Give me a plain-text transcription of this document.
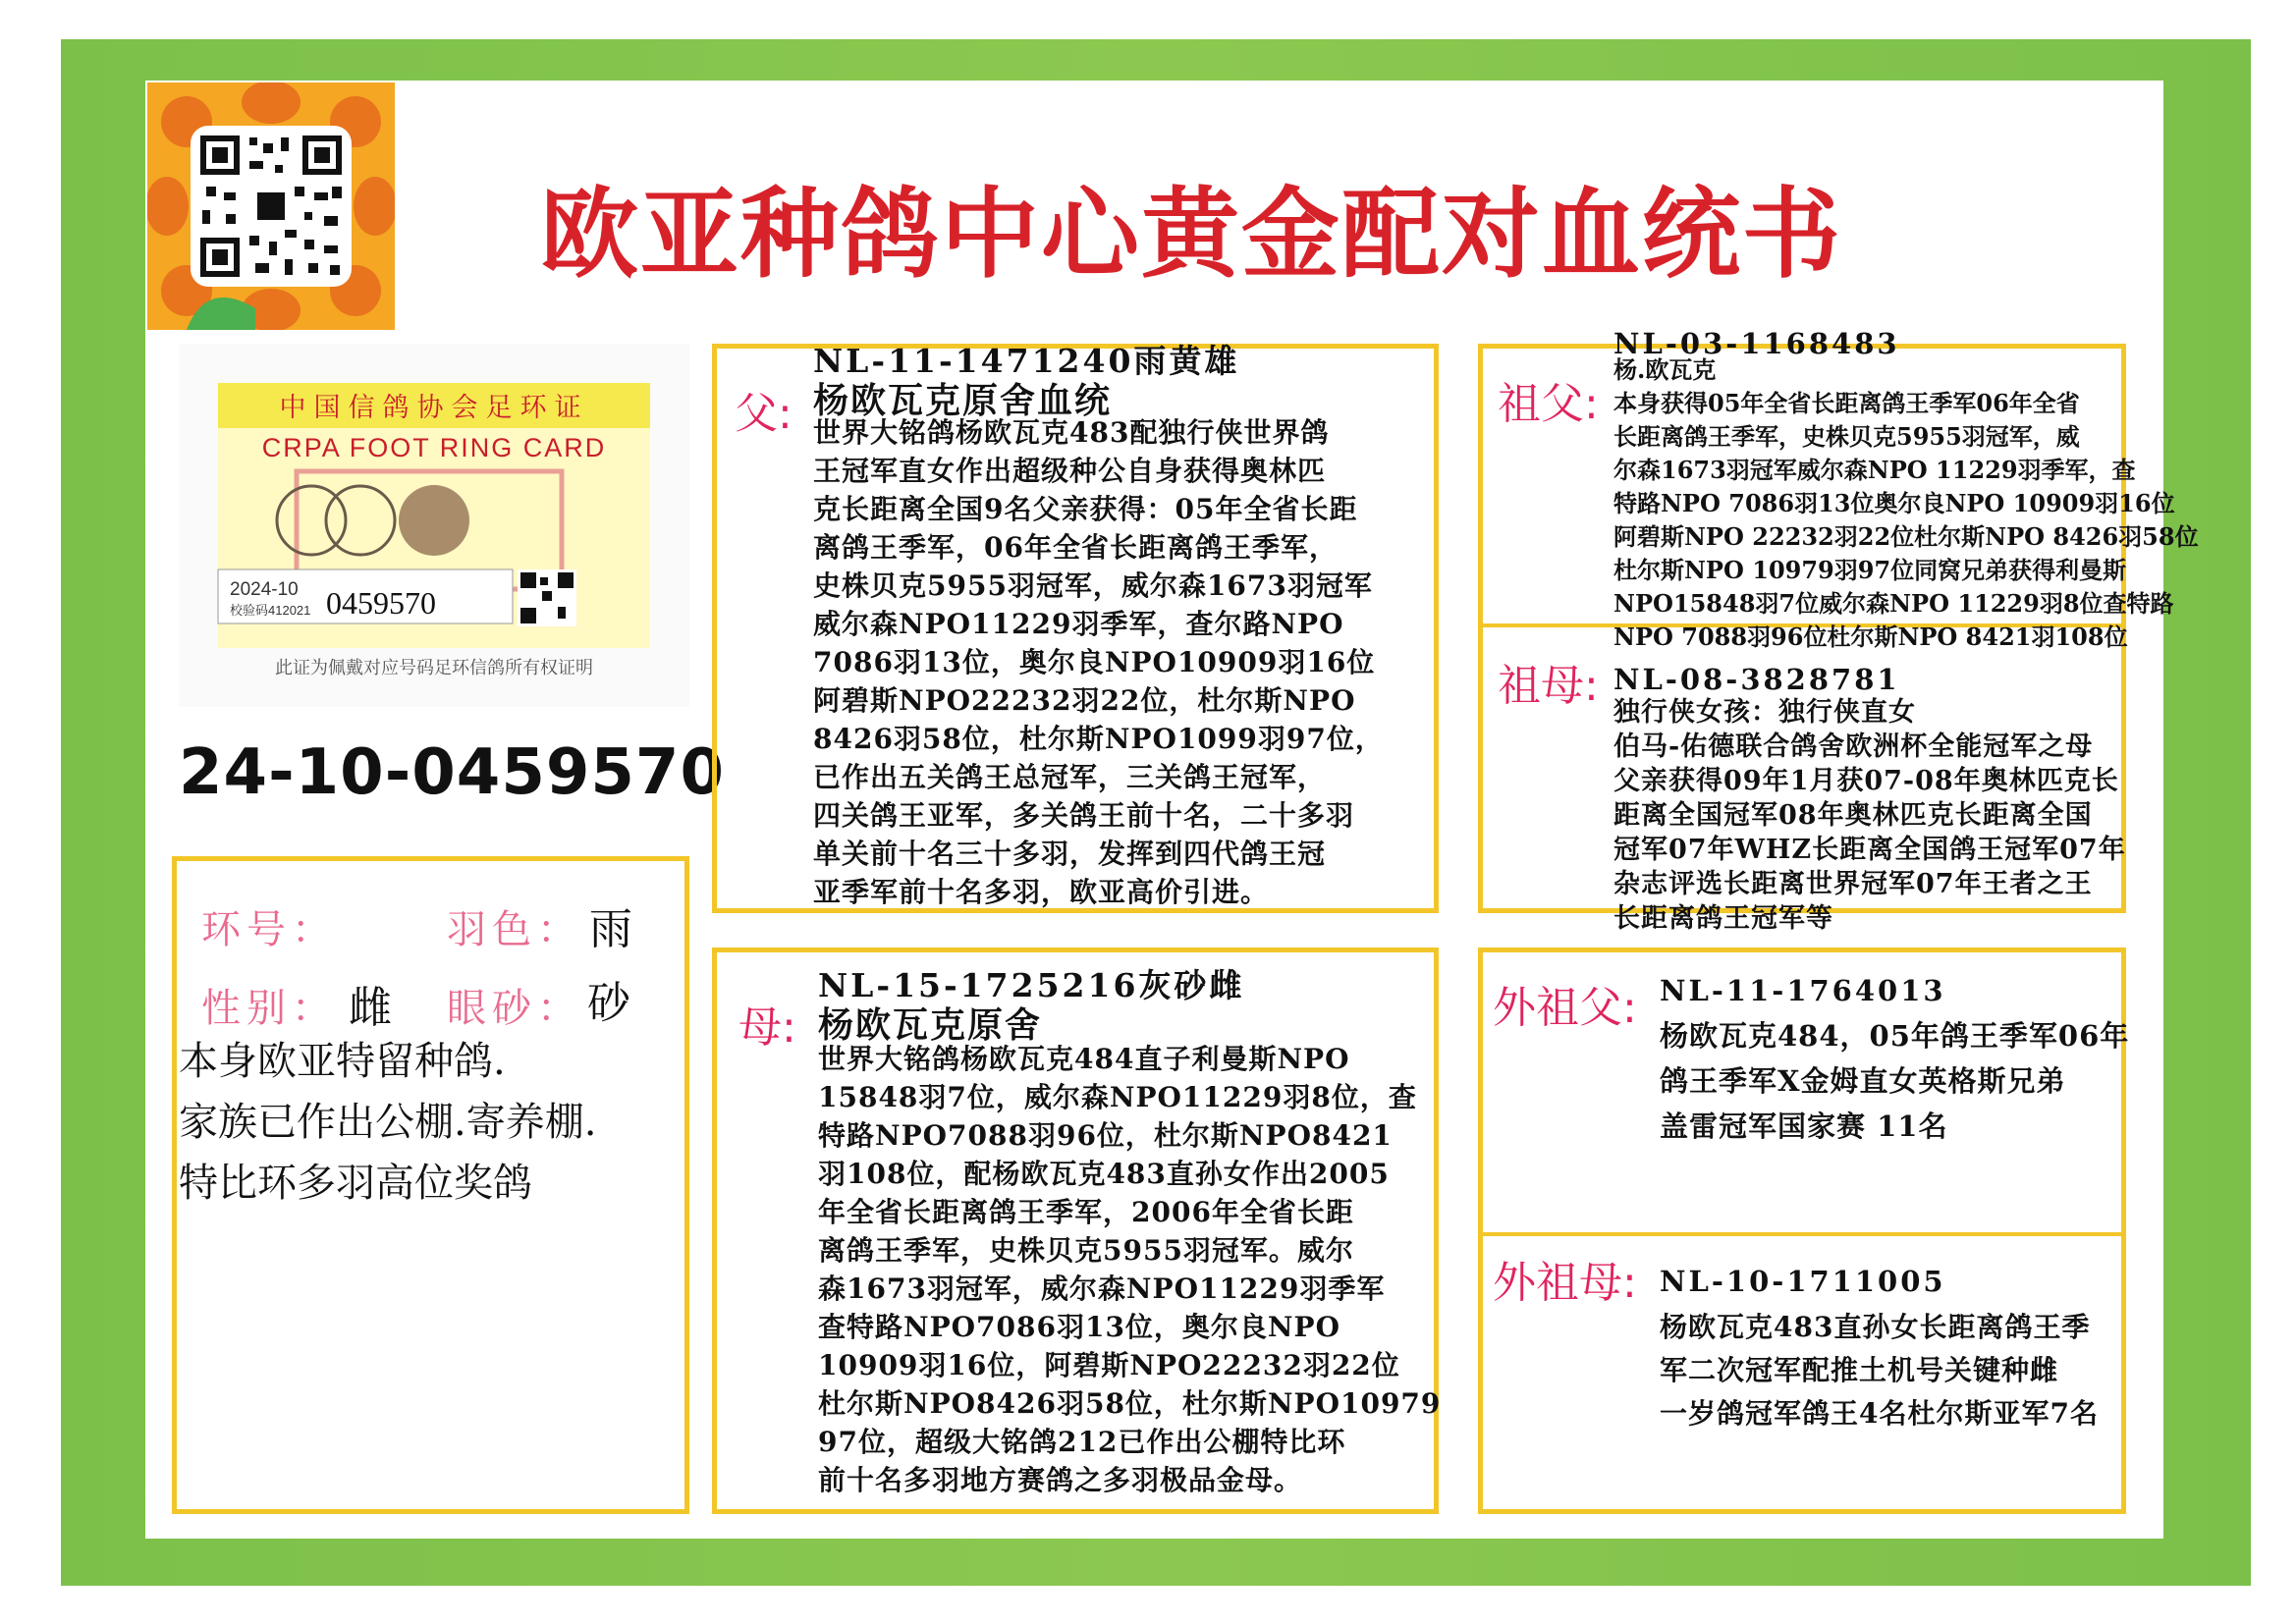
欧亚种鸽中心黄金配对血统书
中国信鸽协会足环证
CRPA FOOT RING CARD
2024-10
校验码412021 0459570
此证为佩戴对应号码足环信鸽所有权证明
24-10-0459570
环号：	羽色： 雨
性别： 雌 眼砂： 砂
本身欧亚特留种鸽.
家族已作出公棚.寄养棚.
特比环多羽高位奖鸽
父:
NL-11-1471240雨黄雄
杨欧瓦克原舍血统
世界大铭鸽杨欧瓦克483配独行侠世界鸽
王冠军直女作出超级种公自身获得奥林匹
克长距离全国9名父亲获得：05年全省长距
离鸽王季军，06年全省长距离鸽王季军，
史株贝克5955羽冠军，威尔森1673羽冠军
威尔森NPO11229羽季军，查尔路NPO
7086羽13位，奥尔良NPO10909羽16位
阿碧斯NPO22232羽22位，杜尔斯NPO
8426羽58位，杜尔斯NPO1099羽97位，
已作出五关鸽王总冠军，三关鸽王冠军，
四关鸽王亚军，多关鸽王前十名，二十多羽
单关前十名三十多羽，发挥到四代鸽王冠
亚季军前十名多羽，欧亚高价引进。
母:
NL-15-1725216灰砂雌
杨欧瓦克原舍
世界大铭鸽杨欧瓦克484直子利曼斯NPO
15848羽7位，威尔森NPO11229羽8位，查
特路NPO7088羽96位，杜尔斯NPO8421
羽108位，配杨欧瓦克483直孙女作出2005
年全省长距离鸽王季军，2006年全省长距
离鸽王季军，史株贝克5955羽冠军。威尔
森1673羽冠军，威尔森NPO11229羽季军
查特路NPO7086羽13位，奥尔良NPO
10909羽16位，阿碧斯NPO22232羽22位
杜尔斯NPO8426羽58位，杜尔斯NPO10979
97位，超级大铭鸽212已作出公棚特比环
前十名多羽地方赛鸽之多羽极品金母。
祖父:
NL-03-1168483
杨.欧瓦克
本身获得05年全省长距离鸽王季军06年全省
长距离鸽王季军，史株贝克5955羽冠军，威
尔森1673羽冠军威尔森NPO 11229羽季军，查
特路NPO 7086羽13位奥尔良NPO 10909羽16位
阿碧斯NPO 22232羽22位杜尔斯NPO 8426羽58位
杜尔斯NPO 10979羽97位同窝兄弟获得利曼斯
NPO15848羽7位威尔森NPO 11229羽8位查特路
NPO 7088羽96位杜尔斯NPO 8421羽108位
祖母: NL-08-3828781
独行侠女孩：独行侠直女
伯马-佑德联合鸽舍欧洲杯全能冠军之母
父亲获得09年1月获07-08年奥林匹克长
距离全国冠军08年奥林匹克长距离全国
冠军07年WHZ长距离全国鸽王冠军07年
杂志评选长距离世界冠军07年王者之王
长距离鸽王冠军等
外祖父: NL-11-1764013
杨欧瓦克484，05年鸽王季军06年
鸽王季军X金姆直女英格斯兄弟
盖雷冠军国家赛 11名
外祖母: NL-10-1711005
杨欧瓦克483直孙女长距离鸽王季
军二次冠军配推土机号关键种雌
一岁鸽冠军鸽王4名杜尔斯亚军7名
